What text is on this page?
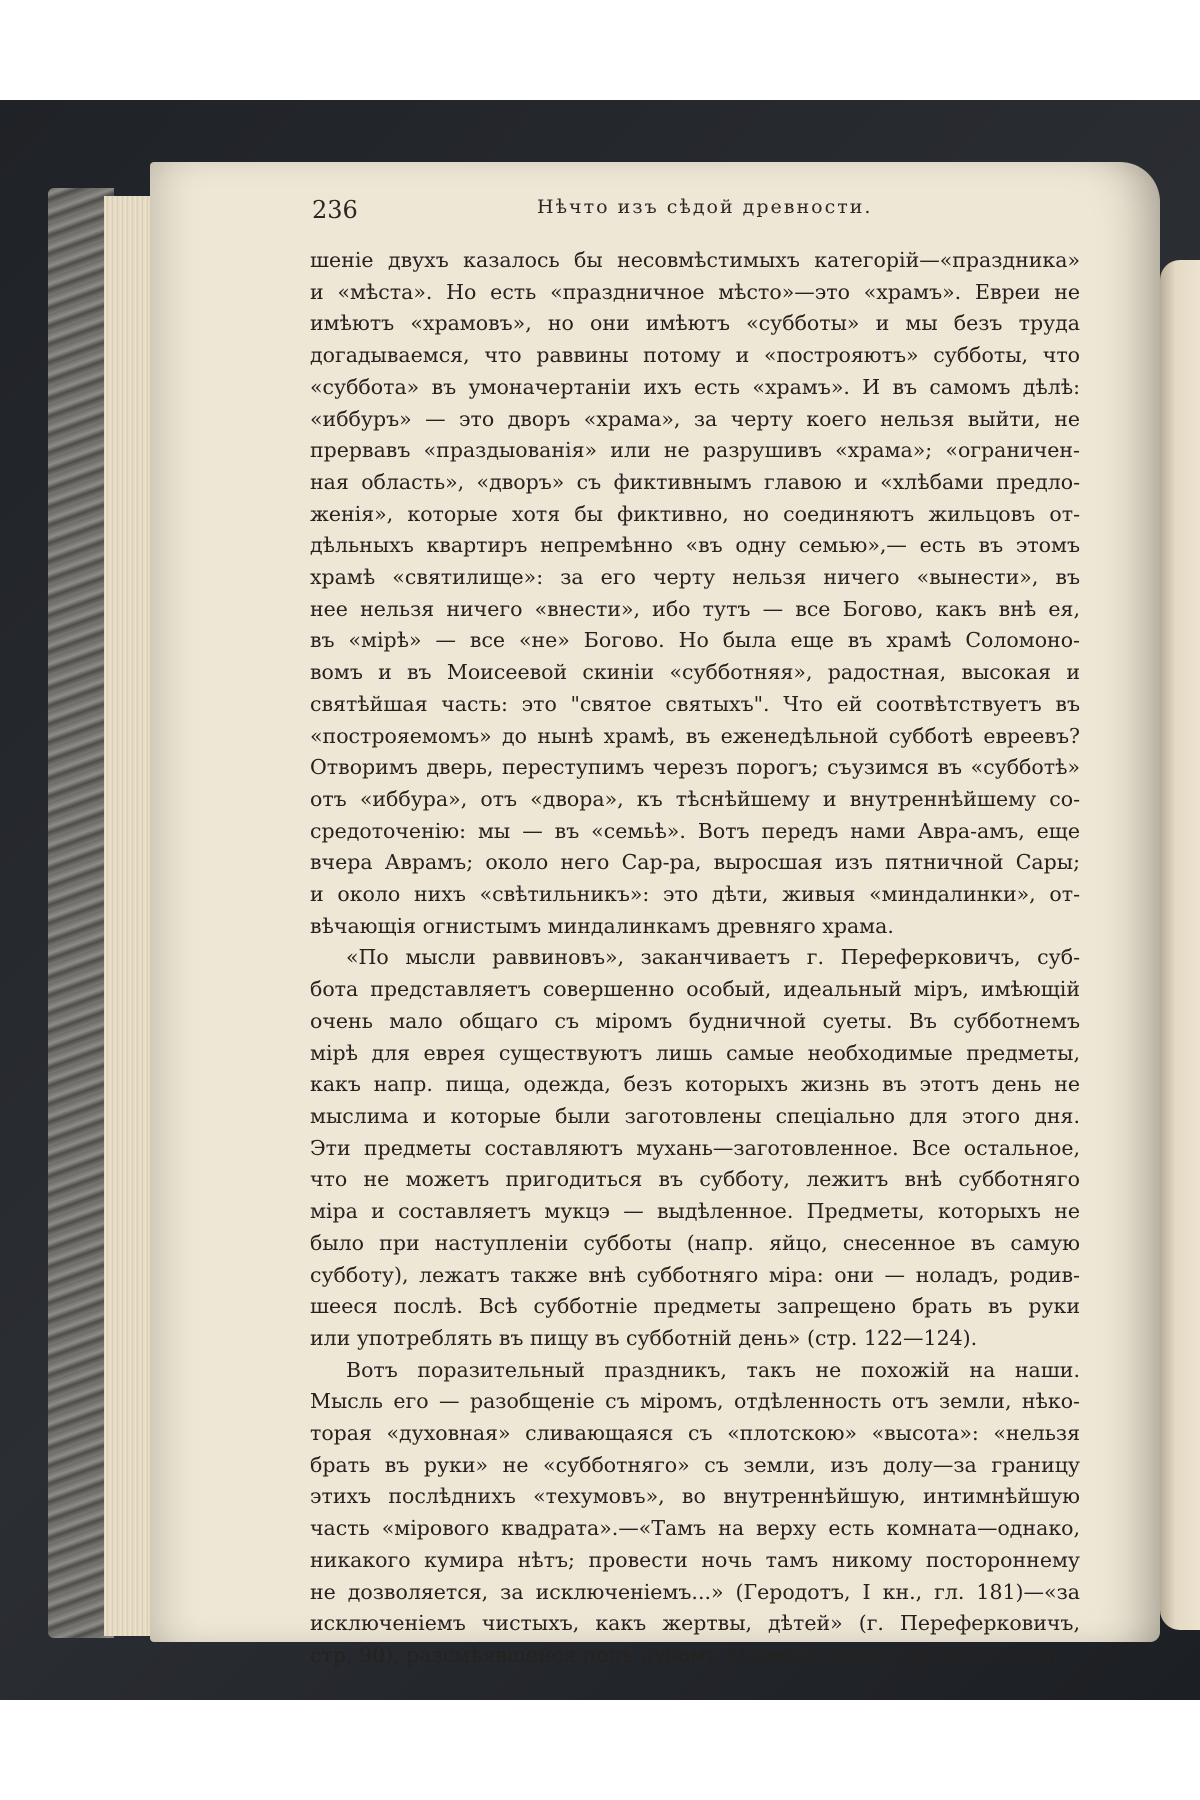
236	Нѣчто изъ сѣдой древности.
шеніе двухъ казалось бы несовмѣстимыхъ категорій—«праздника»
и «мѣста». Но есть «праздничное мѣсто»—это «храмъ». Евреи не
имѣютъ «храмовъ», но они имѣютъ «субботы» и мы безъ труда
догадываемся, что раввины потому и «построяютъ» субботы, что
«суббота» въ умоначертаніи ихъ есть «храмъ». И въ самомъ дѣлѣ:
«иббуръ» — это дворъ «храма», за черту коего нельзя выйти, не
прервавъ «праздыованія» или не разрушивъ «храма»; «ограничен-
ная область», «дворъ» съ фиктивнымъ главою и «хлѣбами предло-
женія», которые хотя бы фиктивно, но соединяютъ жильцовъ от-
дѣльныхъ квартиръ непремѣнно «въ одну семью»,— есть въ этомъ
храмѣ «святилище»: за его черту нельзя ничего «вынести», въ
нее нельзя ничего «внести», ибо тутъ — все Богово, какъ внѣ ея,
въ «мірѣ» — все «не» Богово. Но была еще въ храмѣ Соломоно-
вомъ и въ Моисеевой скиніи «субботняя», радостная, высокая и
святѣйшая часть: это "святое святыхъ". Что ей соотвѣтствуетъ въ
«построяемомъ» до нынѣ храмѣ, въ еженедѣльной субботѣ евреевъ?
Отворимъ дверь, переступимъ черезъ порогъ; съузимся въ «субботѣ»
отъ «иббура», отъ «двора», къ тѣснѣйшему и внутреннѣйшему со-
средоточенію: мы — въ «семьѣ». Вотъ передъ нами Авра-амъ, еще
вчера Аврамъ; около него Сар-ра, выросшая изъ пятничной Сары;
и около нихъ «свѣтильникъ»: это дѣти, живыя «миндалинки», от-
вѣчающія огнистымъ миндалинкамъ древняго храма.
«По мысли раввиновъ», заканчиваетъ г. Переферковичъ, суб-
бота представляетъ совершенно особый, идеальный міръ, имѣющій
очень мало общаго съ міромъ будничной суеты. Въ субботнемъ
мірѣ для еврея существуютъ лишь самые необходимые предметы,
какъ напр. пища, одежда, безъ которыхъ жизнь въ этотъ день не
мыслима и которые были заготовлены спеціально для этого дня.
Эти предметы составляютъ мухань—заготовленное. Все остальное,
что не можетъ пригодиться въ субботу, лежитъ внѣ субботняго
міра и составляетъ мукцэ — выдѣленное. Предметы, которыхъ не
было при наступленіи субботы (напр. яйцо, снесенное въ самую
субботу), лежатъ также внѣ субботняго міра: они — ноладъ, родив-
шееся послѣ. Всѣ субботніе предметы запрещено брать въ руки
или употреблять въ пищу въ субботній день» (стр. 122—124).
Вотъ поразительный праздникъ, такъ не похожій на наши.
Мысль его — разобщеніе съ міромъ, отдѣленность отъ земли, нѣко-
торая «духовная» сливающаяся съ «плотскою» «высота»: «нельзя
брать въ руки» не «субботняго» съ земли, изъ долу—за границу
этихъ послѣднихъ «техумовъ», во внутреннѣйшую, интимнѣйшую
часть «мірового квадрата».—«Тамъ на верху есть комната—однако,
никакого кумира нѣтъ; провести ночь тамъ никому постороннему
не дозволяется, за исключеніемъ...» (Геродотъ, I кн., гл. 181)—«за
исключеніемъ чистыхъ, какъ жертвы, дѣтей» (г. Переферковичъ,
стр. 90), разсмѣявшейся подъ дубомъ Мамврійскимъ Сар ры и «отца
